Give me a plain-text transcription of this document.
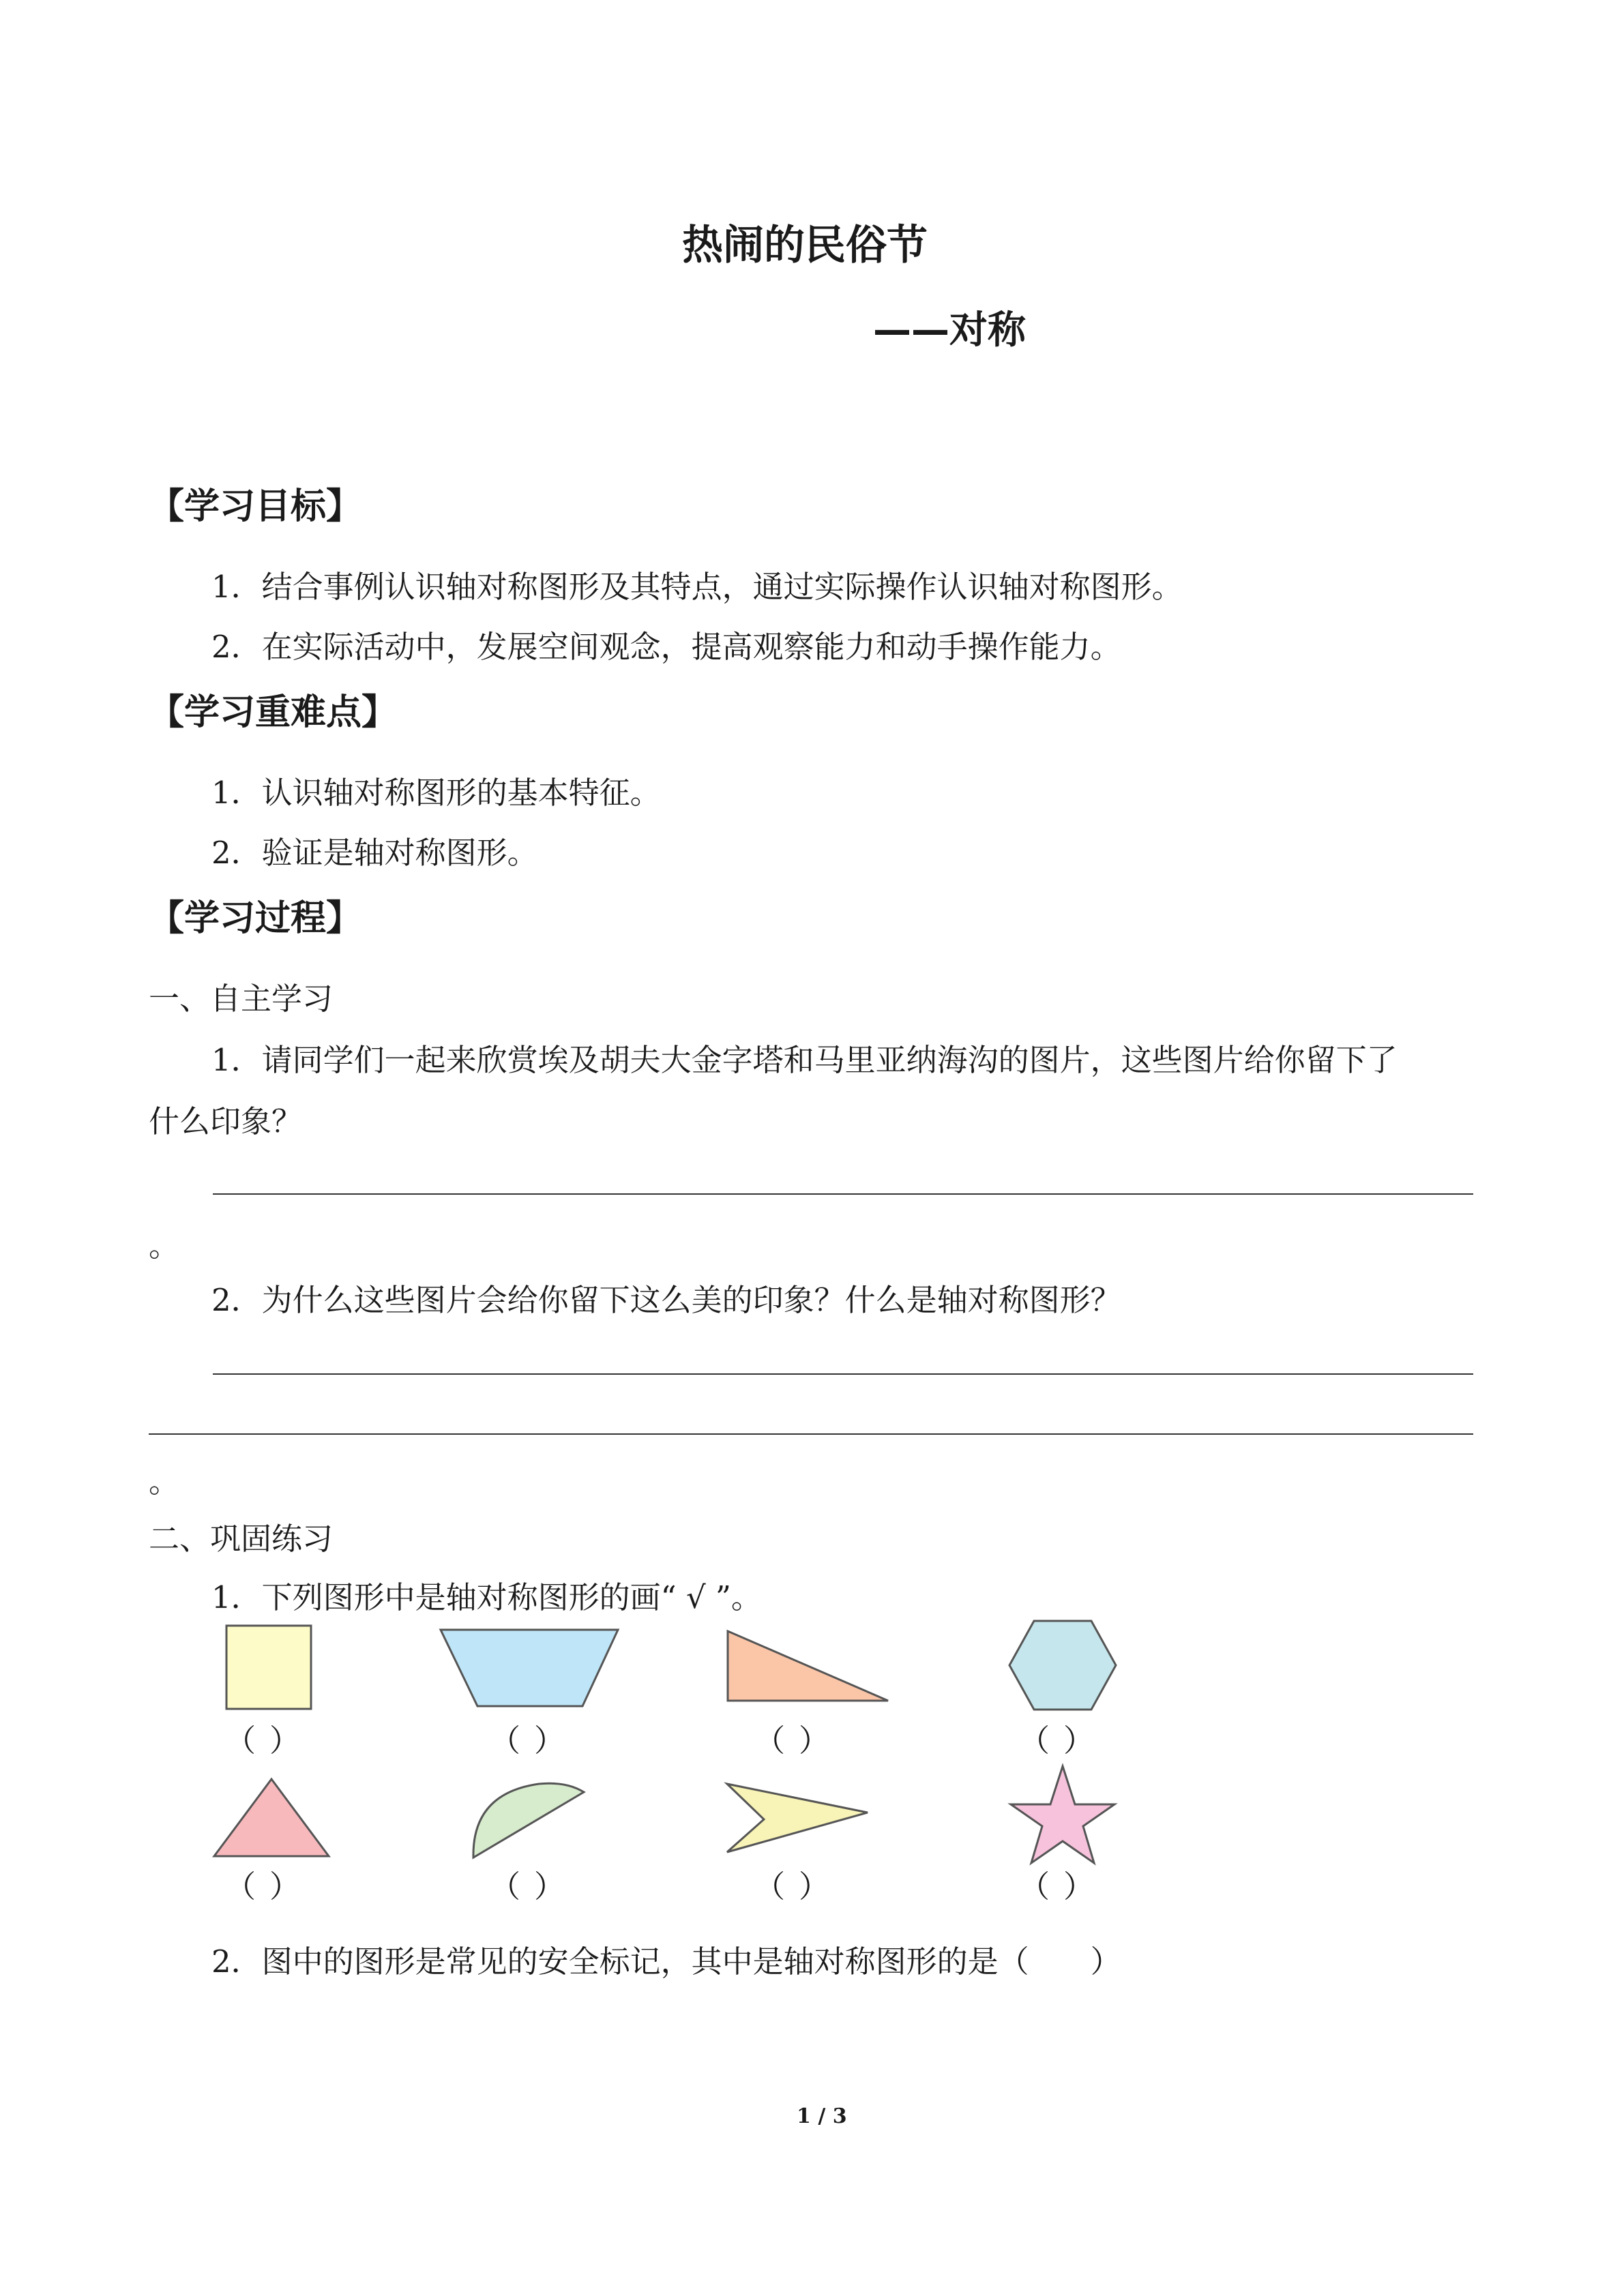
热闹的民俗节
——对称
【学习目标】
1．结合事例认识轴对称图形及其特点，通过实际操作认识轴对称图形。
2．在实际活动中，发展空间观念，提高观察能力和动手操作能力。
【学习重难点】
1．认识轴对称图形的基本特征。
2．验证是轴对称图形。
【学习过程】
一、自主学习
1．请同学们一起来欣赏埃及胡夫大金字塔和马里亚纳海沟的图片，这些图片给你留下了
什么印象？
。
2．为什么这些图片会给你留下这么美的印象？什么是轴对称图形？
。
二、巩固练习
1．下列图形中是轴对称图形的画“ √ ”。
（ ）	（ ）	（ ）	（ ）
（ ）	（ ）	（ ）	（ ）
2．图中的图形是常见的安全标记，其中是轴对称图形的是（　　）
1 / 3
